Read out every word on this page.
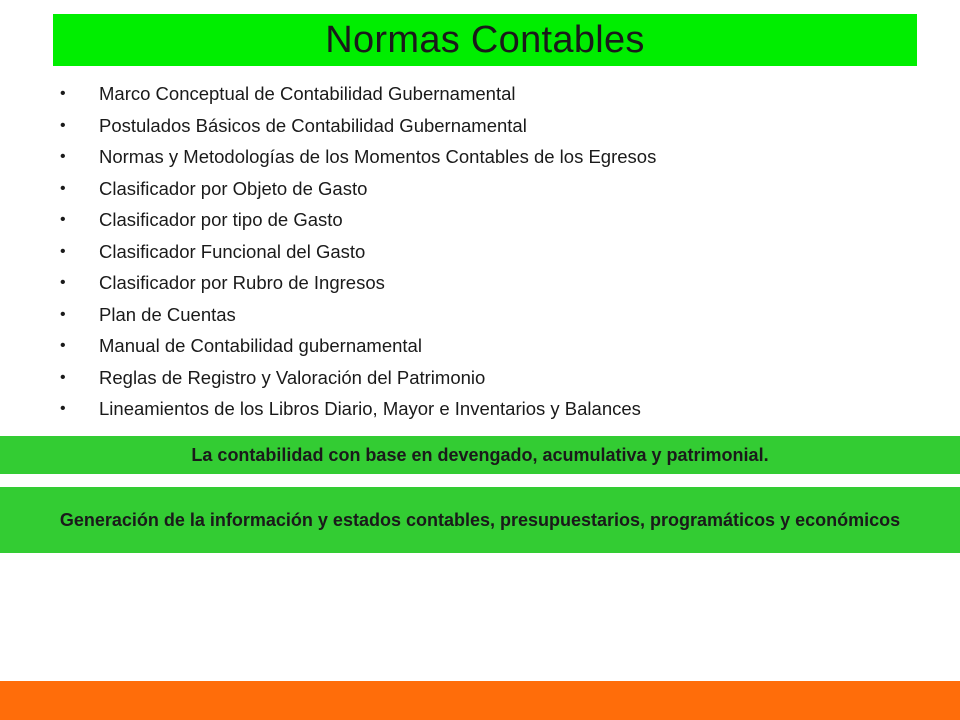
Normas Contables
• Marco Conceptual de Contabilidad Gubernamental
• Postulados Básicos de Contabilidad Gubernamental
• Normas y Metodologías de los Momentos Contables de los Egresos
• Clasificador por Objeto de Gasto
• Clasificador por tipo de Gasto
• Clasificador Funcional del Gasto
• Clasificador por Rubro de Ingresos
• Plan de Cuentas
• Manual de Contabilidad gubernamental
• Reglas de Registro y Valoración del Patrimonio
• Lineamientos de los Libros Diario, Mayor e Inventarios y Balances
La contabilidad con base en devengado, acumulativa y patrimonial.
Generación de la información y estados contables, presupuestarios, programáticos y económicos
